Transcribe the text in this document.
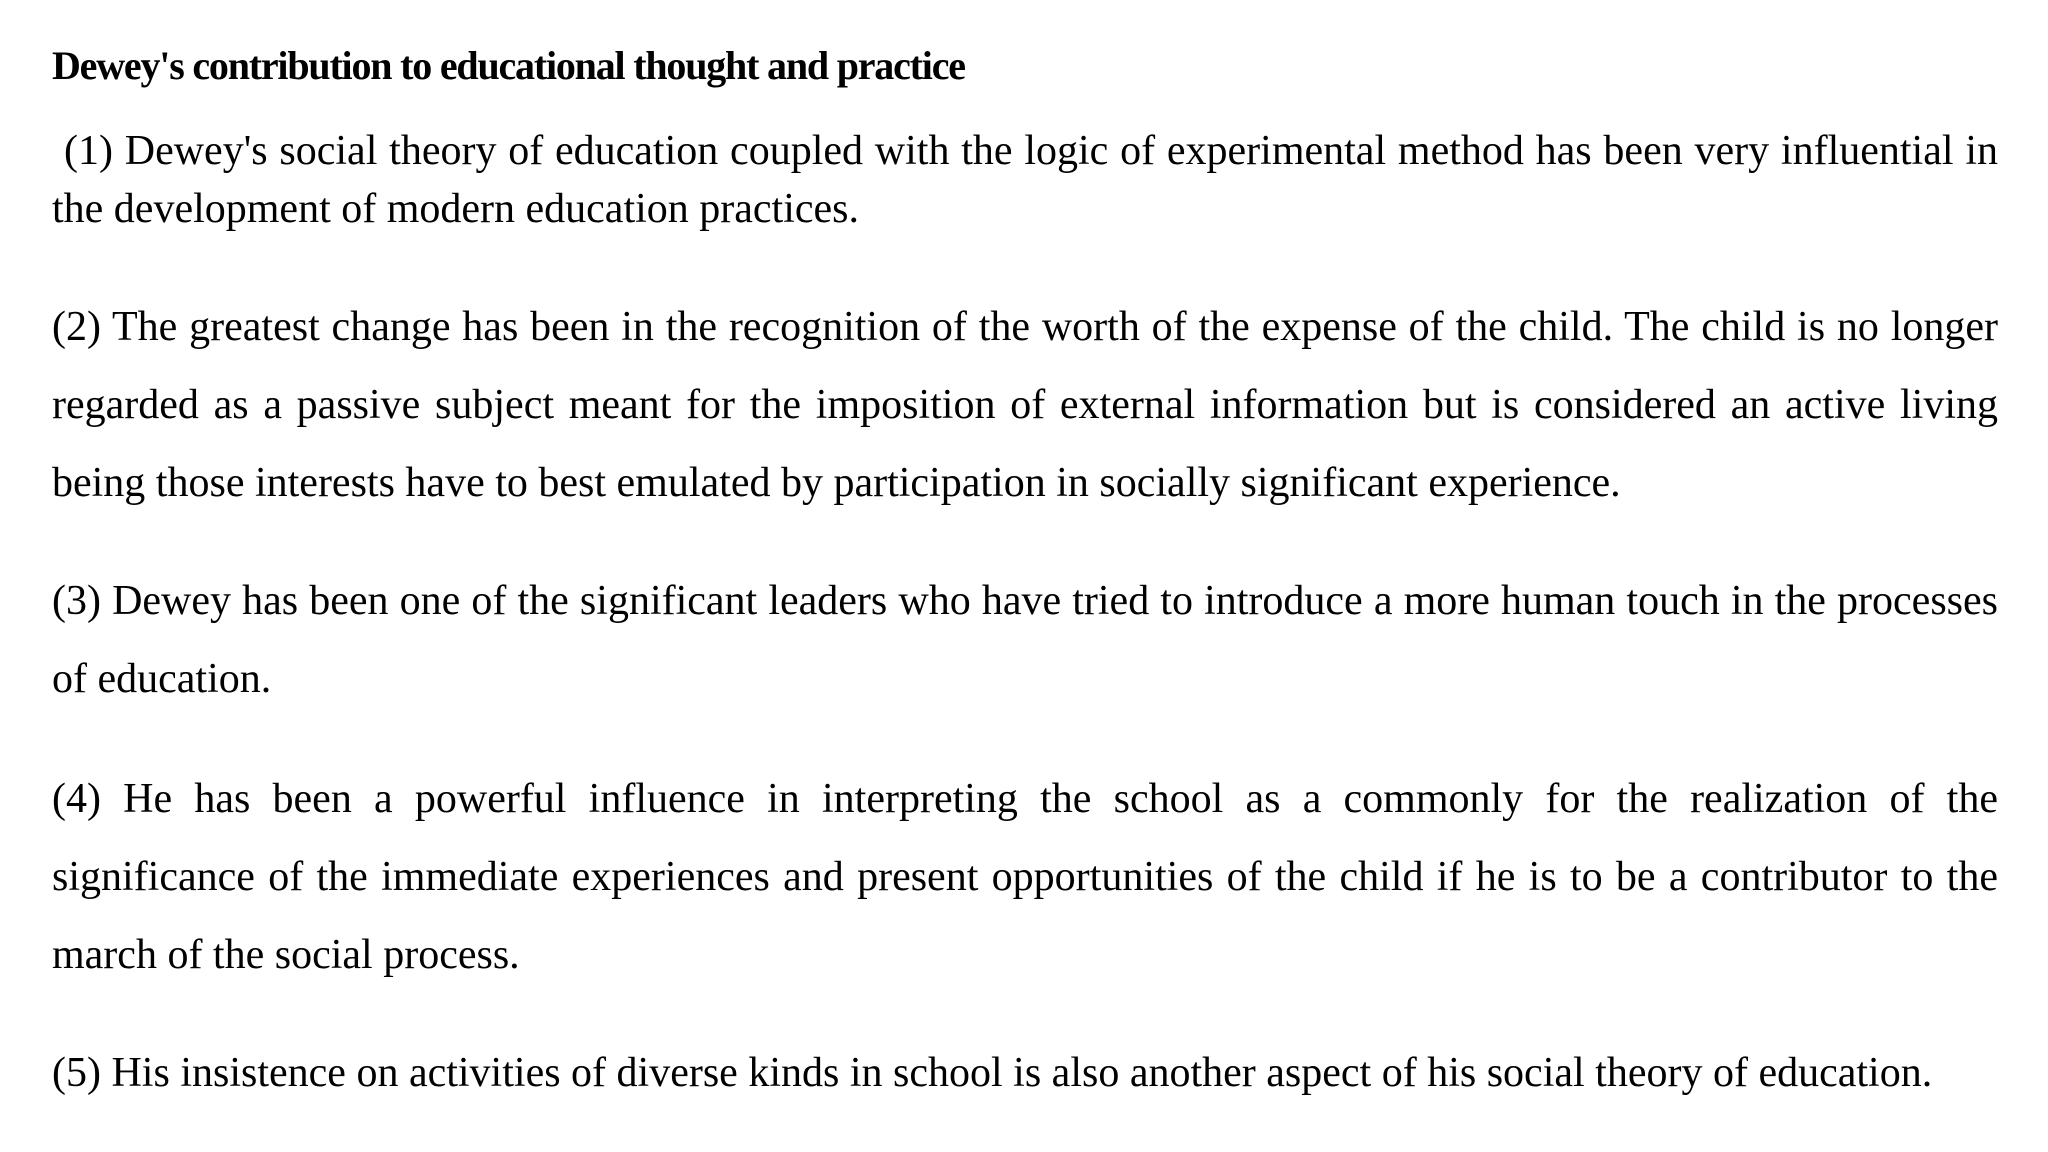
Dewey's contribution to educational thought and practice

(1) Dewey's social theory of education coupled with the logic of experimental method has been very influential in the development of modern education practices.

(2) The greatest change has been in the recognition of the worth of the expense of the child. The child is no longer regarded as a passive subject meant for the imposition of external information but is considered an active living being those interests have to best emulated by participation in socially significant experience.

(3) Dewey has been one of the significant leaders who have tried to introduce a more human touch in the processes of education.

(4) He has been a powerful influence in interpreting the school as a commonly for the realization of the significance of the immediate experiences and present opportunities of the child if he is to be a contributor to the march of the social process.

(5) His insistence on activities of diverse kinds in school is also another aspect of his social theory of education.
